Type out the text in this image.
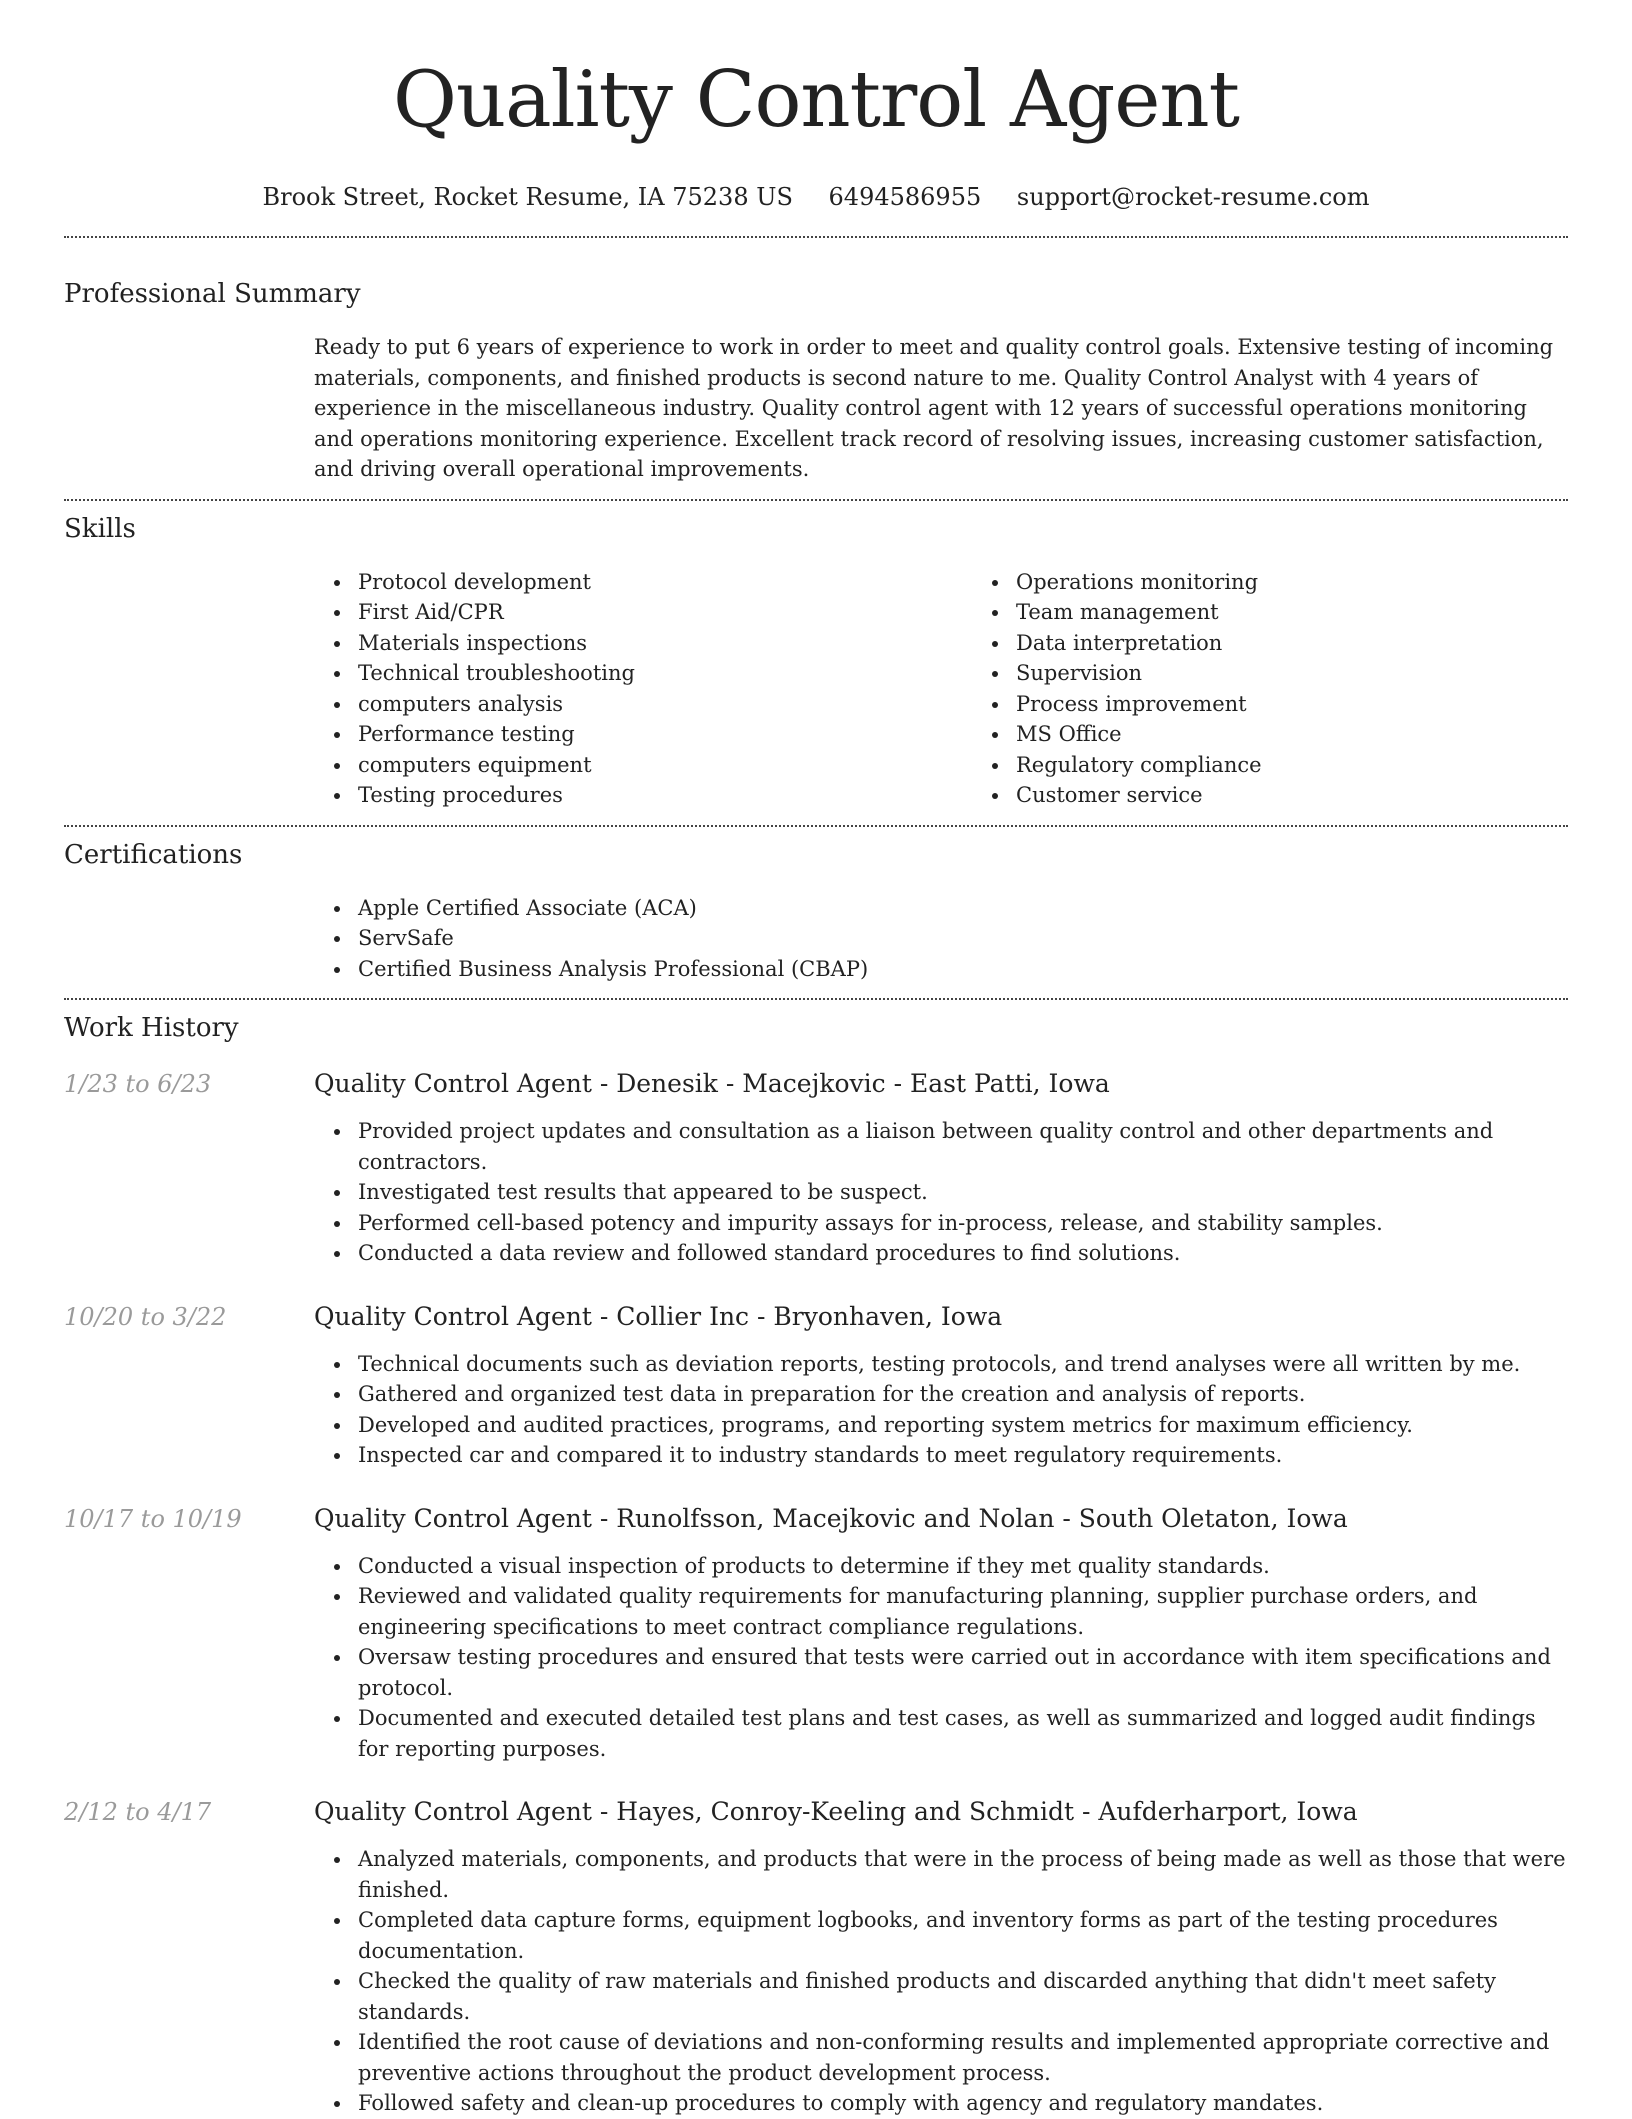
Quality Control Agent
Brook Street, Rocket Resume, IA 75238 US 6494586955 support@rocket-resume.com
Professional Summary

Ready to put 6 years of experience to work in order to meet and quality control goals. Extensive testing of incoming materials, components, and finished products is second nature to me. Quality Control Analyst with 4 years of experience in the miscellaneous industry. Quality control agent with 12 years of successful operations monitoring and operations monitoring experience. Excellent track record of resolving issues, increasing customer satisfaction, and driving overall operational improvements.

Skills
Protocol development
First Aid/CPR
Materials inspections
Technical troubleshooting
computers analysis
Performance testing
computers equipment
Testing procedures
Operations monitoring
Team management
Data interpretation
Supervision
Process improvement
MS Office
Regulatory compliance
Customer service
Certifications
Apple Certified Associate (ACA)
ServSafe
Certified Business Analysis Professional (CBAP)
Work History
1/23 to 6/23	Quality Control Agent - Denesik - Macejkovic - East Patti, Iowa
Provided project updates and consultation as a liaison between quality control and other departments and contractors.
Investigated test results that appeared to be suspect.
Performed cell-based potency and impurity assays for in-process, release, and stability samples.
Conducted a data review and followed standard procedures to find solutions.
10/20 to 3/22	Quality Control Agent - Collier Inc - Bryonhaven, Iowa
Technical documents such as deviation reports, testing protocols, and trend analyses were all written by me.
Gathered and organized test data in preparation for the creation and analysis of reports.
Developed and audited practices, programs, and reporting system metrics for maximum efficiency.
Inspected car and compared it to industry standards to meet regulatory requirements.
10/17 to 10/19	Quality Control Agent - Runolfsson, Macejkovic and Nolan - South Oletaton, Iowa
Conducted a visual inspection of products to determine if they met quality standards.
Reviewed and validated quality requirements for manufacturing planning, supplier purchase orders, and engineering specifications to meet contract compliance regulations.
Oversaw testing procedures and ensured that tests were carried out in accordance with item specifications and protocol.
Documented and executed detailed test plans and test cases, as well as summarized and logged audit findings for reporting purposes.
2/12 to 4/17	Quality Control Agent - Hayes, Conroy-Keeling and Schmidt - Aufderharport, Iowa
Analyzed materials, components, and products that were in the process of being made as well as those that were finished.
Completed data capture forms, equipment logbooks, and inventory forms as part of the testing procedures documentation.
Checked the quality of raw materials and finished products and discarded anything that didn't meet safety standards.
Identified the root cause of deviations and non-conforming results and implemented appropriate corrective and preventive actions throughout the product development process.
Followed safety and clean-up procedures to comply with agency and regulatory mandates.
